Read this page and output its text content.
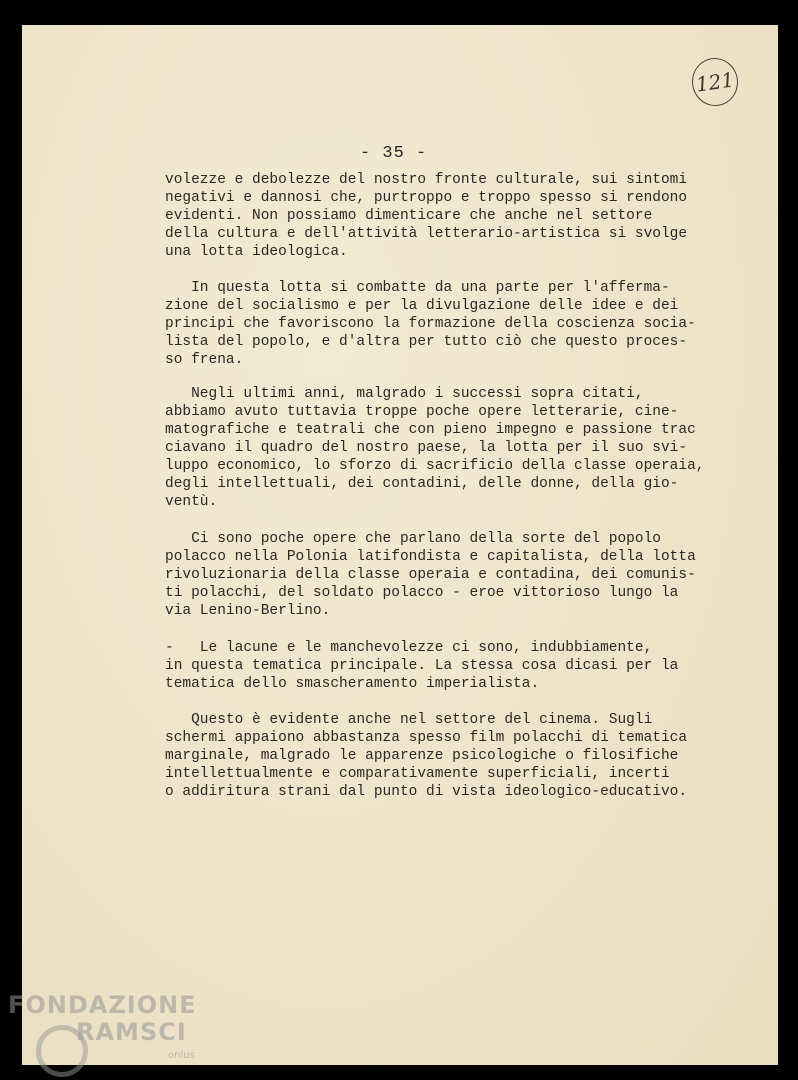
121
- 35 -

volezze e debolezze del nostro fronte culturale, sui sintomi
negativi e dannosi che, purtroppo e troppo spesso si rendono
evidenti. Non possiamo dimenticare che anche nel settore
della cultura e dell'attività letterario-artistica si svolge
una lotta ideologica.

In questa lotta si combatte da una parte per l'afferma-
zione del socialismo e per la divulgazione delle idee e dei
principi che favoriscono la formazione della coscienza socia-
lista del popolo, e d'altra per tutto ciò che questo proces-
so frena.

Negli ultimi anni, malgrado i successi sopra citati,
abbiamo avuto tuttavia troppe poche opere letterarie, cine-
matografiche e teatrali che con pieno impegno e passione trac
ciavano il quadro del nostro paese, la lotta per il suo svi-
luppo economico, lo sforzo di sacrificio della classe operaia,
degli intellettuali, dei contadini, delle donne, della gio-
ventù.

Ci sono poche opere che parlano della sorte del popolo
polacco nella Polonia latifondista e capitalista, della lotta
rivoluzionaria della classe operaia e contadina, dei comunis-
ti polacchi, del soldato polacco - eroe vittorioso lungo la
via Lenino-Berlino.

-   Le lacune e le manchevolezze ci sono, indubbiamente,
in questa tematica principale. La stessa cosa dicasi per la
tematica dello smascheramento imperialista.

Questo è evidente anche nel settore del cinema. Sugli
schermi appaiono abbastanza spesso film polacchi di tematica
marginale, malgrado le apparenze psicologiche o filosifiche
intellettualmente e comparativamente superficiali, incerti
o addiritura strani dal punto di vista ideologico-educativo.

FONDAZIONE
RAMSCI
onlus
